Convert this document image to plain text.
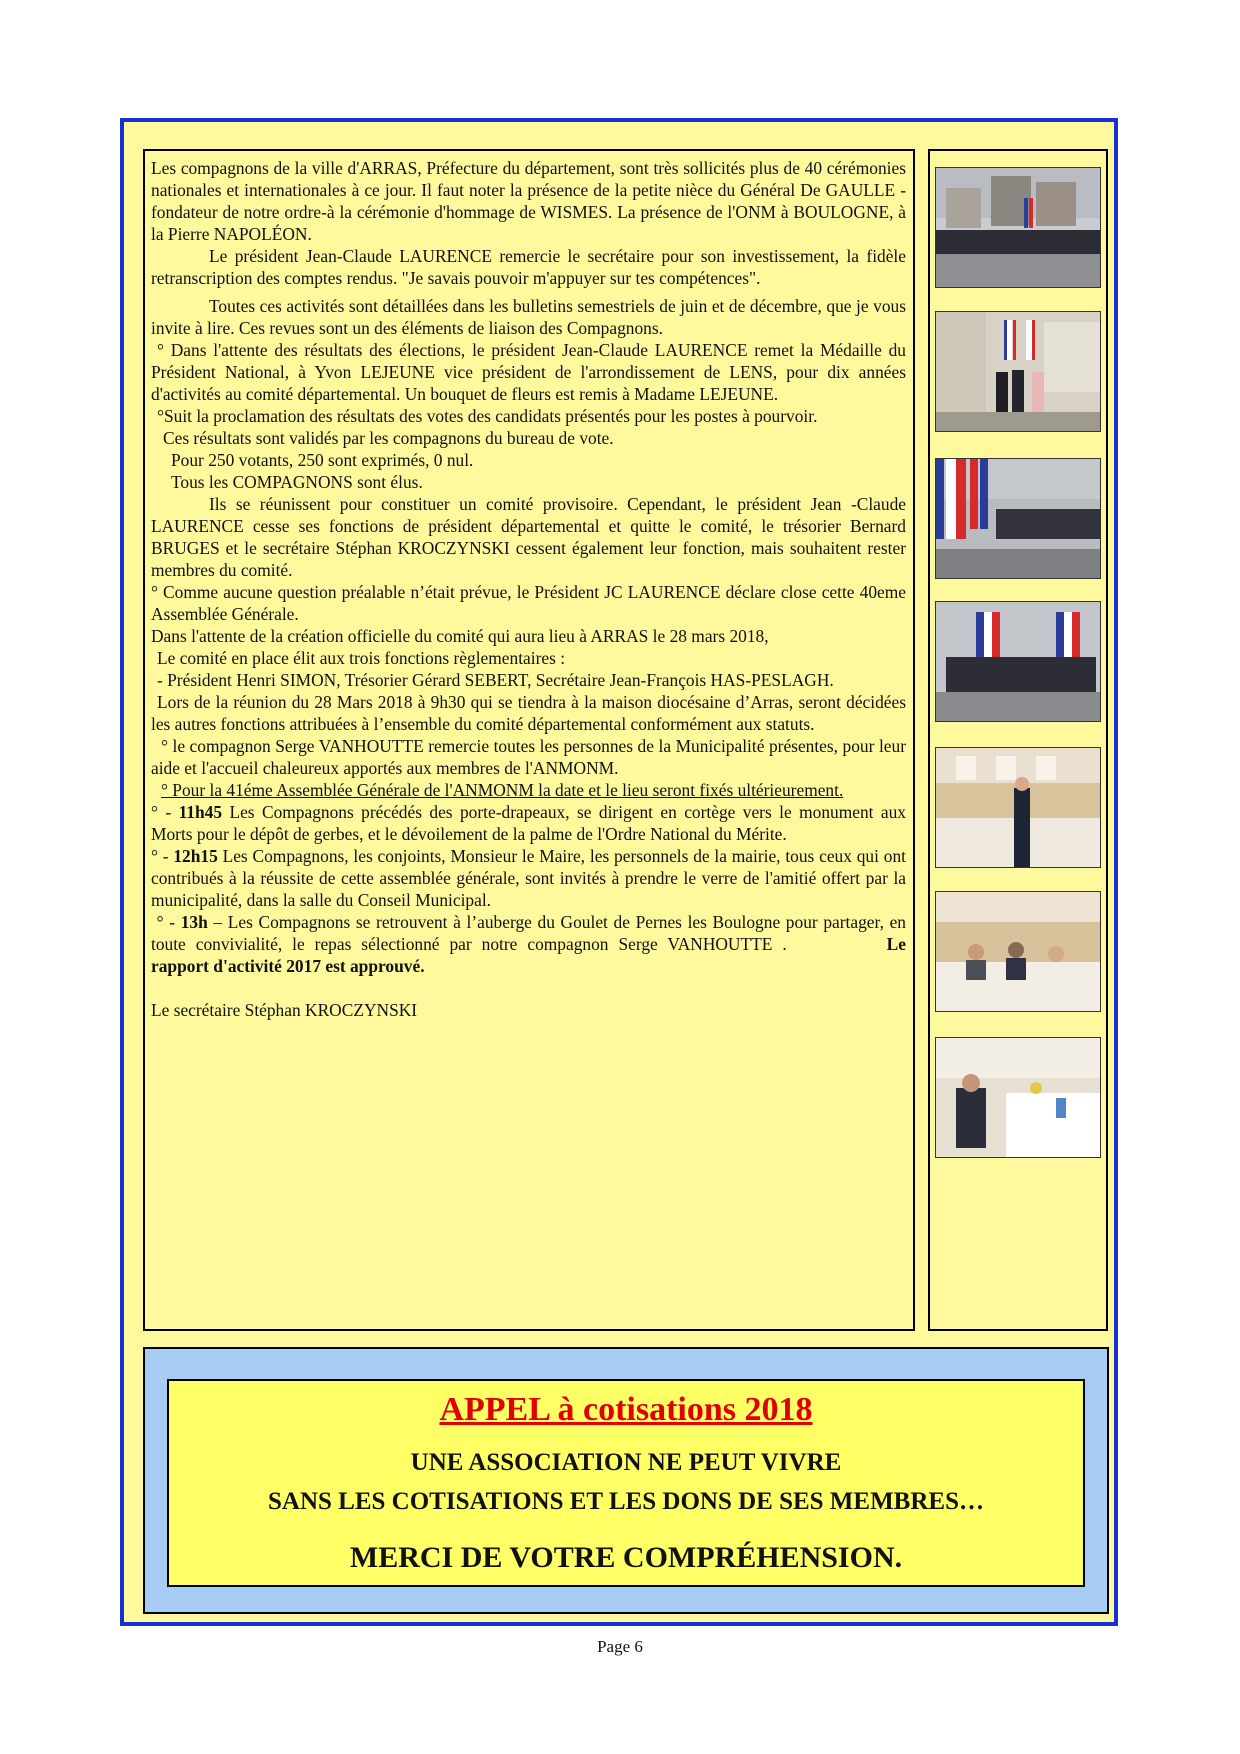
Les compagnons de la ville d'ARRAS, Préfecture du département, sont très sollicités plus de 40 cérémonies nationales et internationales à ce jour. Il faut noter la présence de la petite nièce du Général De GAULLE -fondateur de notre ordre-à la cérémonie d'hommage de WISMES. La présence de l'ONM à BOULOGNE, à la Pierre NAPOLÉON.

Le président Jean-Claude LAURENCE remercie le secrétaire pour son investissement, la fidèle retranscription des comptes rendus. "Je savais pouvoir m'appuyer sur tes compétences".

Toutes ces activités sont détaillées dans les bulletins semestriels de juin et de décembre, que je vous invite à lire. Ces revues sont un des éléments de liaison des Compagnons.

° Dans l'attente des résultats des élections, le président Jean-Claude LAURENCE remet la Médaille du Président National, à Yvon LEJEUNE vice président de l'arrondissement de LENS, pour dix années d'activités au comité départemental. Un bouquet de fleurs est remis à Madame LEJEUNE.

°Suit la proclamation des résultats des votes des candidats présentés pour les postes à pourvoir.

Ces résultats sont validés par les compagnons du bureau de vote.

Pour 250 votants, 250 sont exprimés, 0 nul.

Tous les COMPAGNONS sont élus.

Ils se réunissent pour constituer un comité provisoire. Cependant, le président Jean -Claude LAURENCE cesse ses fonctions de président départemental et quitte le comité, le trésorier Bernard BRUGES et le secrétaire Stéphan KROCZYNSKI cessent également leur fonction, mais souhaitent rester membres du comité.

° Comme aucune question préalable n’était prévue, le Président JC LAURENCE déclare close cette 40eme Assemblée Générale.

Dans l'attente de la création officielle du comité qui aura lieu à ARRAS le 28 mars 2018,

Le comité en place élit aux trois fonctions règlementaires :

- Président Henri SIMON, Trésorier Gérard SEBERT, Secrétaire Jean-François HAS-PESLAGH.

Lors de la réunion du 28 Mars 2018 à 9h30 qui se tiendra à la maison diocésaine d’Arras, seront décidées les autres fonctions attribuées à l’ensemble du comité départemental conformément aux statuts.

° le compagnon Serge VANHOUTTE remercie toutes les personnes de la Municipalité présentes, pour leur aide et l'accueil chaleureux apportés aux membres de l'ANMONM.

° Pour la 41éme Assemblée Générale de l'ANMONM la date et le lieu seront fixés ultérieurement.

° - 11h45 Les Compagnons précédés des porte-drapeaux, se dirigent en cortège vers le monument aux Morts pour le dépôt de gerbes, et le dévoilement de la palme de l'Ordre National du Mérite.

° - 12h15 Les Compagnons, les conjoints, Monsieur le Maire, les personnels de la mairie, tous ceux qui ont contribués à la réussite de cette assemblée générale, sont invités à prendre le verre de l'amitié offert par la municipalité, dans la salle du Conseil Municipal.

° - 13h – Les Compagnons se retrouvent à l’auberge du Goulet de Pernes les Boulogne pour partager, en toute convivialité, le repas sélectionné par notre compagnon Serge VANHOUTTE .	Le rapport d'activité 2017 est approuvé.

Le secrétaire Stéphan KROCZYNSKI

APPEL à cotisations 2018
UNE ASSOCIATION NE PEUT VIVRE
SANS LES COTISATIONS ET LES DONS DE SES MEMBRES…
MERCI DE VOTRE COMPRÉHENSION.
Page 6
